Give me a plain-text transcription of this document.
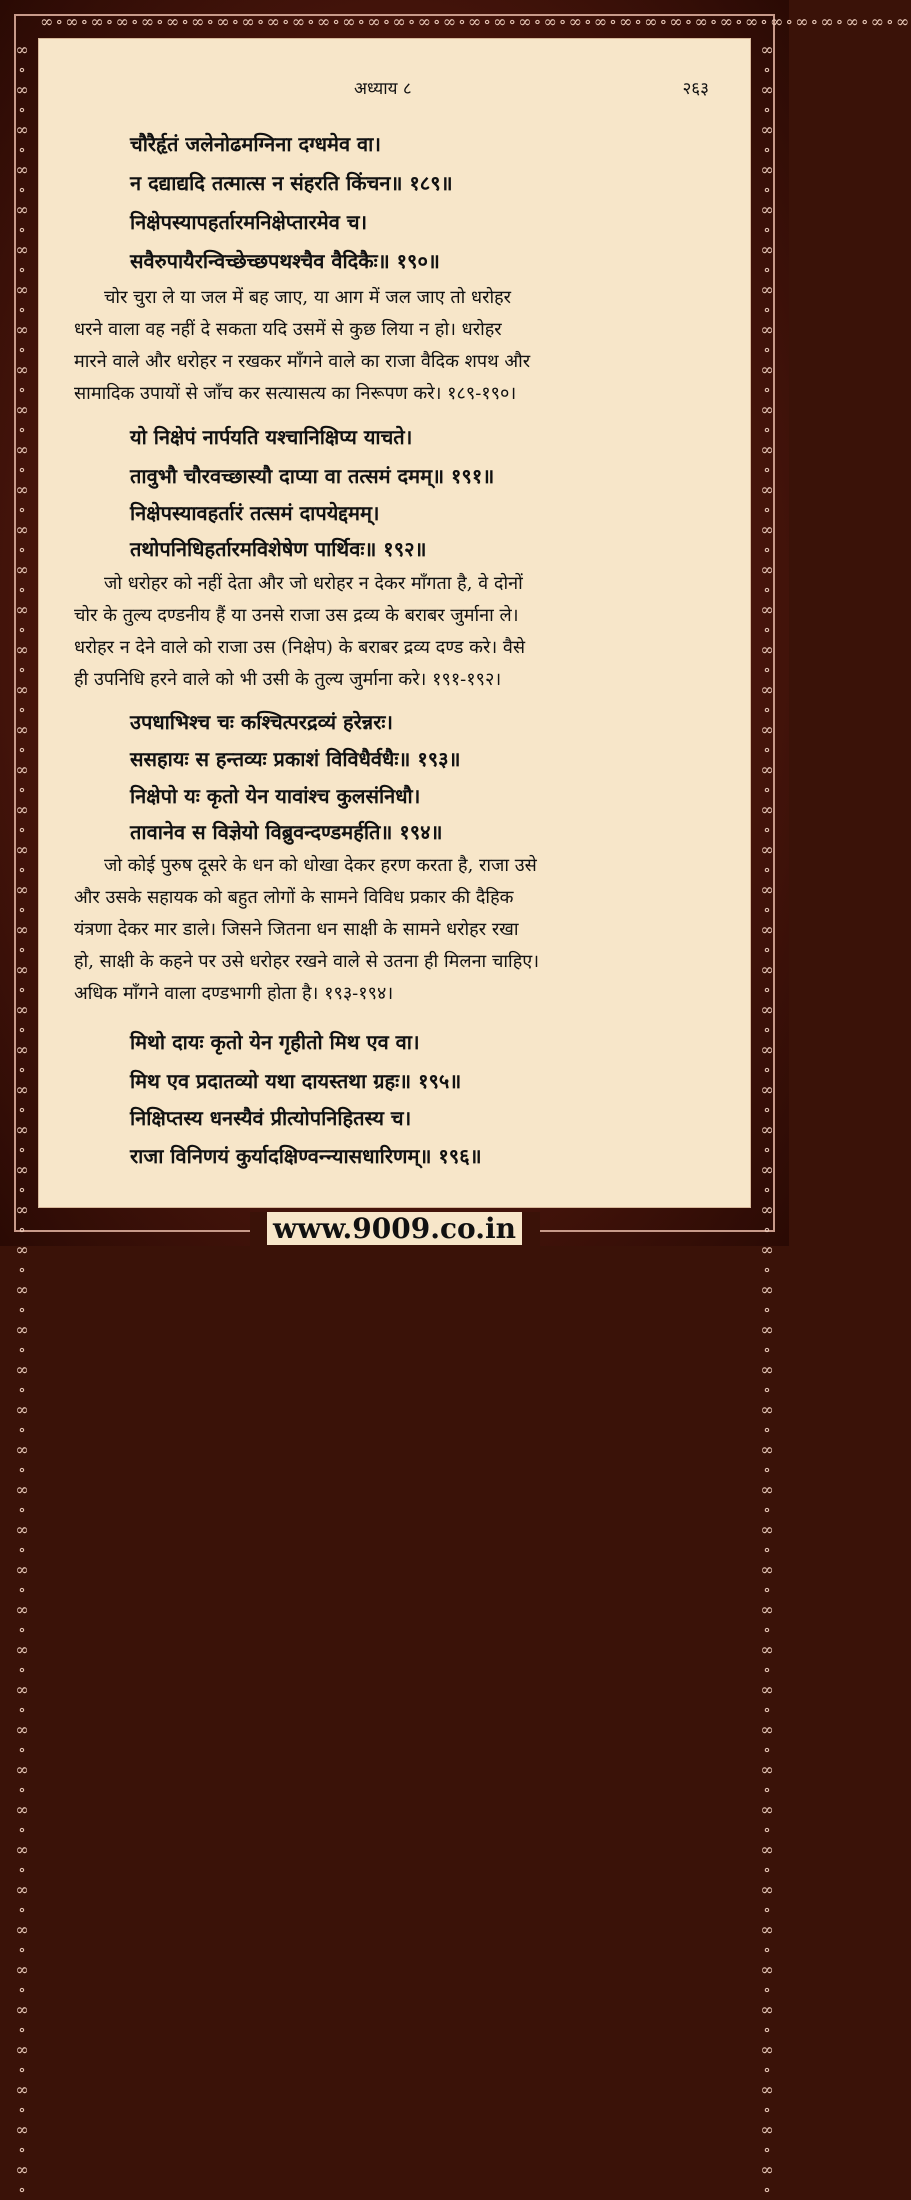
∞∘∞∘∞∘∞∘∞∘∞∘∞∘∞∘∞∘∞∘∞∘∞∘∞∘∞∘∞∘∞∘∞∘∞∘∞∘∞∘∞∘∞∘∞∘∞∘∞∘∞∘∞∘∞∘∞∘∞∘∞∘∞∘∞∘∞∘∞
∞∘∞∘∞∘∞∘∞∘∞∘∞∘∞∘∞∘∞∘∞∘∞∘∞∘∞∘∞∘∞∘∞∘∞∘∞∘∞∘∞∘∞∘∞∘∞∘∞∘∞∘∞∘∞∘∞∘∞∘∞∘∞∘∞∘∞∘∞∘∞∘∞∘∞∘∞∘∞∘∞∘∞∘∞∘∞∘∞∘∞∘∞∘∞∘∞∘∞∘∞∘∞∘∞∘∞∘
∞∘∞∘∞∘∞∘∞∘∞∘∞∘∞∘∞∘∞∘∞∘∞∘∞∘∞∘∞∘∞∘∞∘∞∘∞∘∞∘∞∘∞∘∞∘∞∘∞∘∞∘∞∘∞∘∞∘∞∘∞∘∞∘∞∘∞∘∞∘∞∘∞∘∞∘∞∘∞∘∞∘∞∘∞∘∞∘∞∘∞∘∞∘∞∘∞∘∞∘∞∘∞∘∞∘∞∘
अध्याय ८	२६३
चौरैर्हृतं जलेनोढमग्निना दग्धमेव वा।
न दद्याद्यदि तत्मात्स न संहरति किंचन॥ १८९॥
निक्षेपस्यापहर्तारमनिक्षेप्तारमेव च।
सवैरुपायैरन्विच्छेच्छपथश्चैव वैदिकैः॥ १९०॥
चोर चुरा ले या जल में बह जाए, या आग में जल जाए तो धरोहर
धरने वाला वह नहीं दे सकता यदि उसमें से कुछ लिया न हो। धरोहर
मारने वाले और धरोहर न रखकर माँगने वाले का राजा वैदिक शपथ और
सामादिक उपायों से जाँच कर सत्यासत्य का निरूपण करे। १८९-१९०।
यो निक्षेपं नार्पयति यश्चानिक्षिप्य याचते।
तावुभौ चौरवच्छास्यौ दाप्या वा तत्समं दमम्॥ १९१॥
निक्षेपस्यावहर्तारं तत्समं दापयेद्दमम्।
तथोपनिधिहर्तारमविशेषेण पार्थिवः॥ १९२॥
जो धरोहर को नहीं देता और जो धरोहर न देकर माँगता है, वे दोनों
चोर के तुल्य दण्डनीय हैं या उनसे राजा उस द्रव्य के बराबर जुर्माना ले।
धरोहर न देने वाले को राजा उस (निक्षेप) के बराबर द्रव्य दण्ड करे। वैसे
ही उपनिधि हरने वाले को भी उसी के तुल्य जुर्माना करे। १९१-१९२।
उपधाभिश्च चः कश्चित्परद्रव्यं हरेन्नरः।
ससहायः स हन्तव्यः प्रकाशं विविधैर्वधैः॥ १९३॥
निक्षेपो यः कृतो येन यावांश्च कुलसंनिधौ।
तावानेव स विज्ञेयो विब्रुवन्दण्डमर्हति॥ १९४॥
जो कोई पुरुष दूसरे के धन को धोखा देकर हरण करता है, राजा उसे
और उसके सहायक को बहुत लोगों के सामने विविध प्रकार की दैहिक
यंत्रणा देकर मार डाले। जिसने जितना धन साक्षी के सामने धरोहर रखा
हो, साक्षी के कहने पर उसे धरोहर रखने वाले से उतना ही मिलना चाहिए।
अधिक माँगने वाला दण्डभागी होता है। १९३-१९४।
मिथो दायः कृतो येन गृहीतो मिथ एव वा।
मिथ एव प्रदातव्यो यथा दायस्तथा ग्रहः॥ १९५॥
निक्षिप्तस्य धनस्यैवं प्रीत्योपनिहितस्य च।
राजा विनिणयं कुर्यादक्षिण्वन्न्यासधारिणम्॥ १९६॥
www.9009.co.in
